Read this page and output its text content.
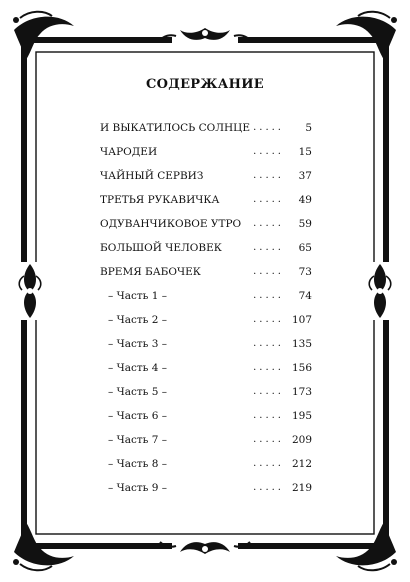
СОДЕРЖАНИЕ
И ВЫКАТИЛОСЬ СОЛНЦЕ ..... 5
ЧАРОДЕИ	..... 15
ЧАЙНЫЙ СЕРВИЗ	..... 37
ТРЕТЬЯ РУКАВИЧКА	..... 49
ОДУВАНЧИКОВОЕ УТРО ..... 59
БОЛЬШОЙ ЧЕЛОВЕК	..... 65
ВРЕМЯ БАБОЧЕК	..... 73
– Часть 1 –	..... 74
– Часть 2 –	..... 107
– Часть 3 –	..... 135
– Часть 4 –	..... 156
– Часть 5 –	..... 173
– Часть 6 –	..... 195
– Часть 7 –	..... 209
– Часть 8 –	..... 212
– Часть 9 –	..... 219
